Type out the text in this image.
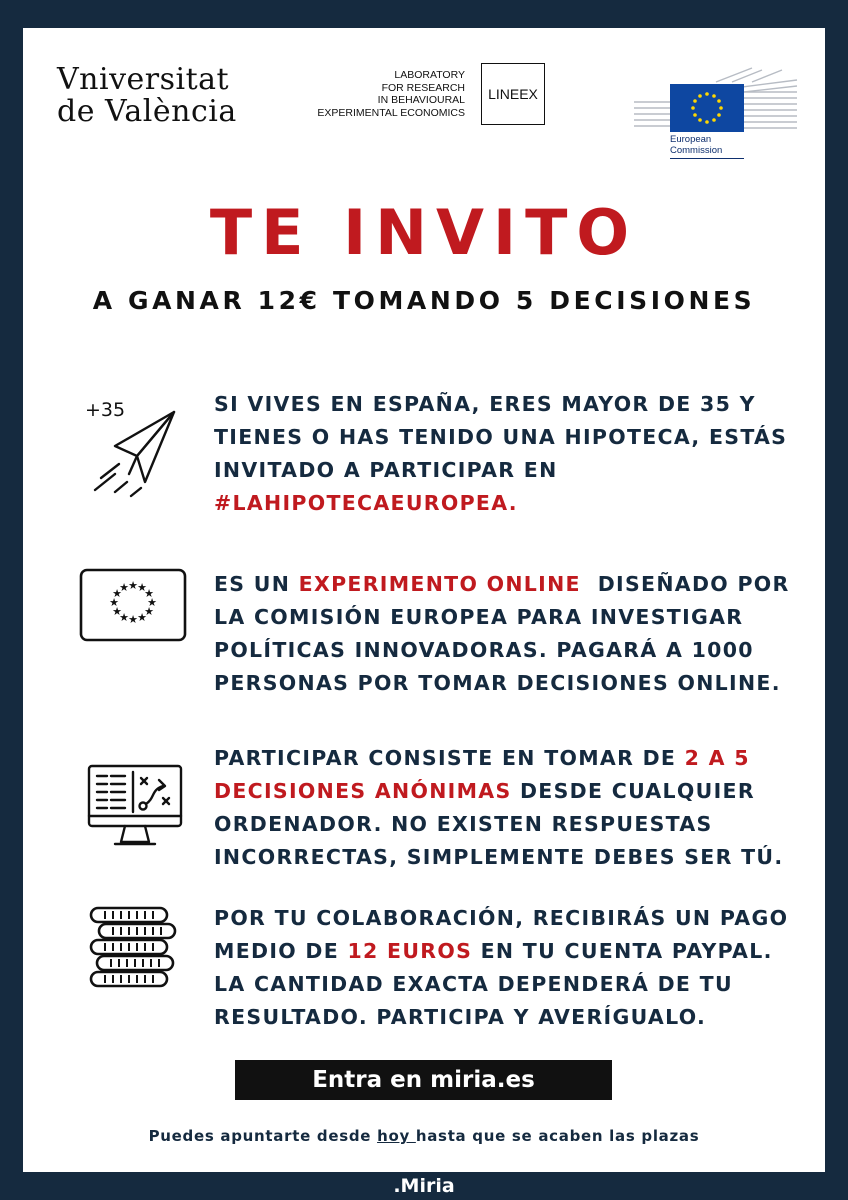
Vniversitat
de València
LABORATORY
FOR RESEARCH
IN BEHAVIOURAL
EXPERIMENTAL ECONOMICS
LINEEX
European
Commission
TE INVITO
A GANAR 12€ TOMANDO 5 DECISIONES
+35	SI VIVES EN ESPAÑA, ERES MAYOR DE 35 Y
TIENES O HAS TENIDO UNA HIPOTECA, ESTÁS
INVITADO A PARTICIPAR EN
#LAHIPOTECAEUROPEA.
★ ★
★
★
★
★
★
★
★
★
★
★	ES UN EXPERIMENTO ONLINE  DISEÑADO POR
LA COMISIÓN EUROPEA PARA INVESTIGAR
POLÍTICAS INNOVADORAS. PAGARÁ A 1000
PERSONAS POR TOMAR DECISIONES ONLINE.
PARTICIPAR CONSISTE EN TOMAR DE 2 A 5
DECISIONES ANÓNIMAS DESDE CUALQUIER
ORDENADOR. NO EXISTEN RESPUESTAS
INCORRECTAS, SIMPLEMENTE DEBES SER TÚ.
POR TU COLABORACIÓN, RECIBIRÁS UN PAGO
MEDIO DE 12 EUROS EN TU CUENTA PAYPAL.
LA CANTIDAD EXACTA DEPENDERÁ DE TU
RESULTADO. PARTICIPA Y AVERÍGUALO.
Entra en miria.es
Puedes apuntarte desde hoy hasta que se acaben las plazas
.Miria
